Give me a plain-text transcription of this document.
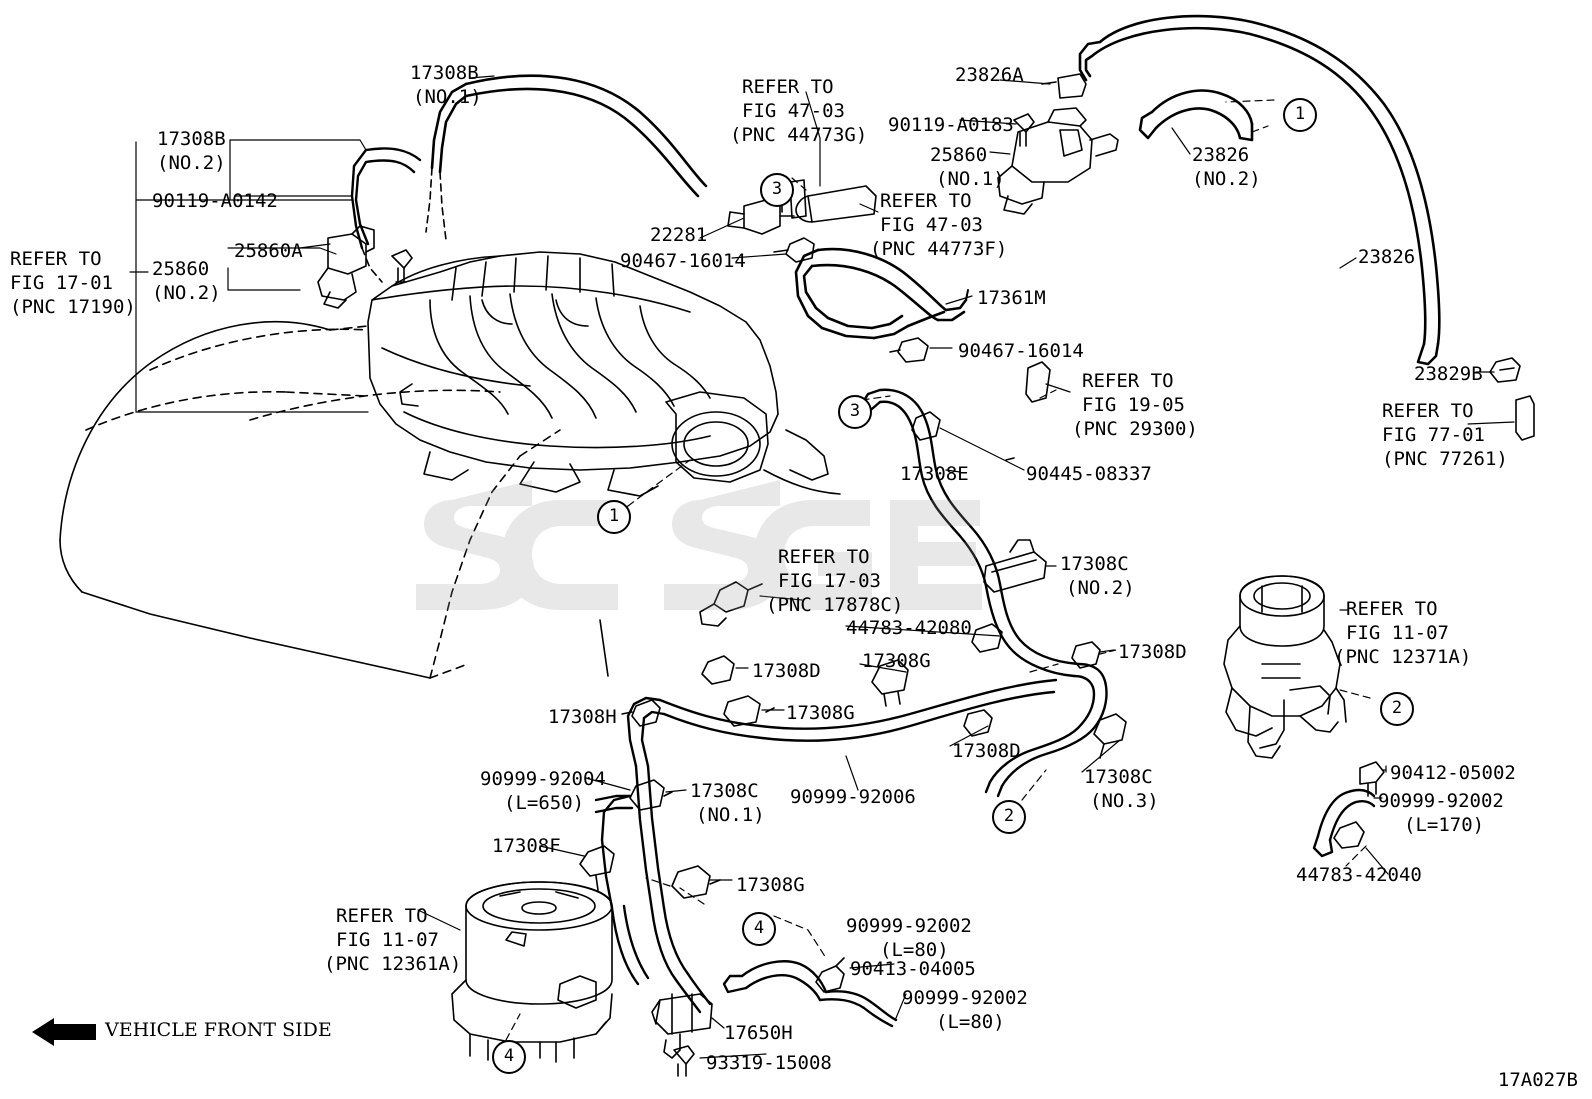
17308B
(NO.1)
17308B
(NO.2)
90119-A0142
25860A
25860
(NO.2)
REFER TO
FIG 17-01
(PNC 17190)
REFER TO
FIG 47-03
(PNC 44773G)
22281
90467-16014
REFER TO
FIG 47-03
(PNC 44773F)
90119-A0183
23826A
25860
(NO.1)
23826
(NO.2)
23826
23829B
REFER TO
FIG 77-01
(PNC 77261)
17361M
90467-16014
REFER TO
FIG 19-05
(PNC 29300)
17308E	90445-08337
17308C
(NO.2)
REFER TO
FIG 17-03
(PNC 17878C)
44783-42080
17308D
17308G
17308D
17308H	17308G
17308D
17308C
(NO.3)
90999-92004
(L=650)
17308C
(NO.1)
90999-92006
17308F
REFER TO
FIG 11-07
(PNC 12361A)
17308G
90999-92002
(L=80)
90413-04005
90999-92002
(L=80)
17650H
93319-15008
REFER TO
FIG 11-07
(PNC 12371A)
90412-05002
90999-92002
(L=170)
44783-42040
1
3
3
1
2
2
4
4
VEHICLE FRONT SIDE
17A027B
